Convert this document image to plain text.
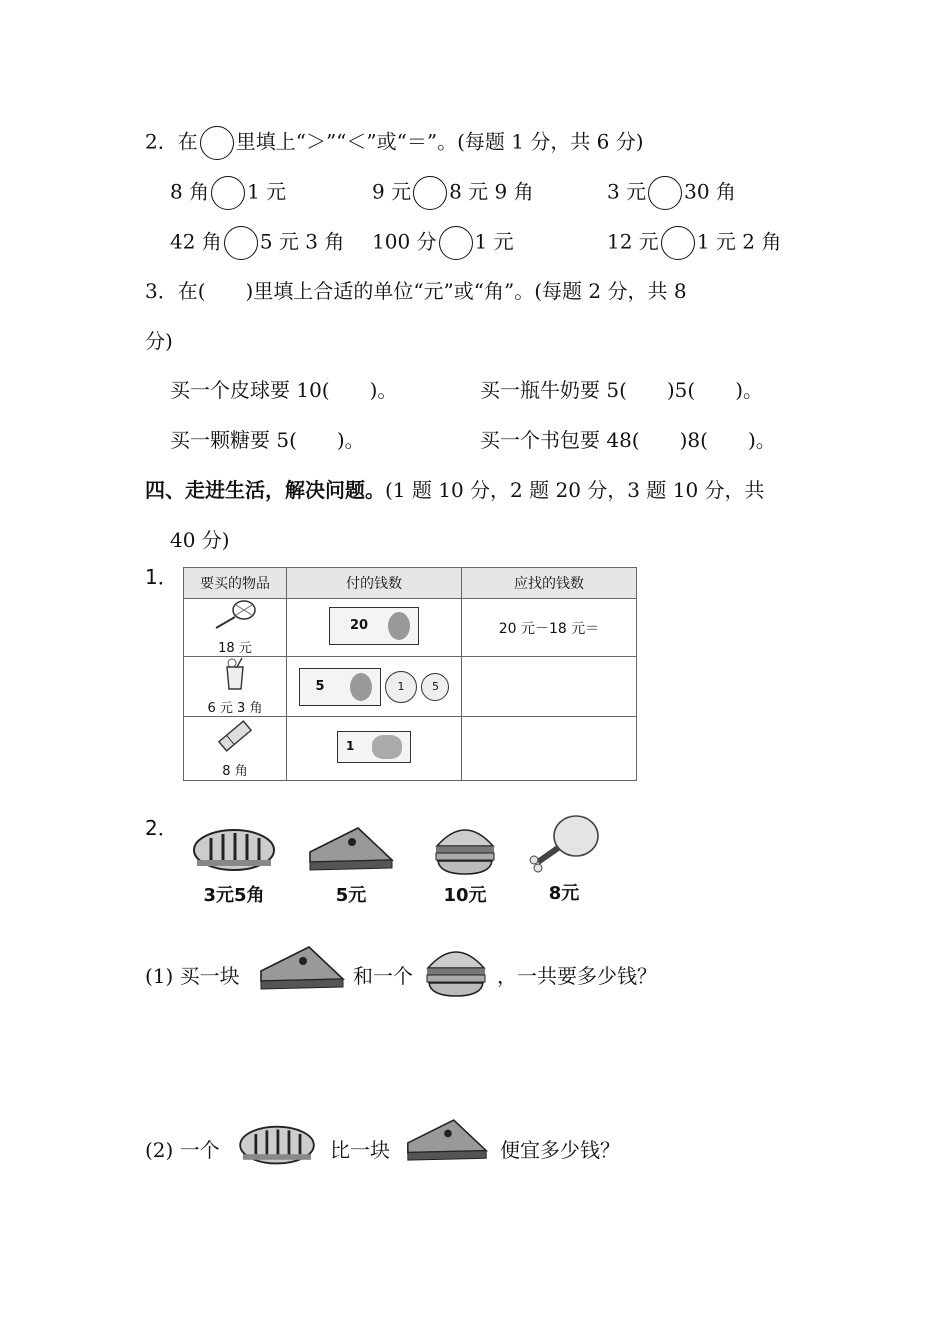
2．在 里填上“＞”“＜”或“＝”。(每题 1 分，共 6 分)
8 角 1 元	9 元 8 元 9 角	3 元 30 角
42 角 5 元 3 角 100 分 1 元	12 元 1 元 2 角
3．在(　　)里填上合适的单位“元”或“角”。(每题 2 分，共 8
分)
买一个皮球要 10(　　)。	买一瓶牛奶要 5(　　)5(　　)。
买一颗糖要 5(　　)。	买一个书包要 48(　　)8(　　)。
四、走进生活，解决问题。(1 题 10 分，2 题 20 分，3 题 10 分，共
40 分)
1． 要买的物品	付的钱数	应找的钱数

18 元	20	20 元－18 元＝

6 元 3 角	5 1 5	

8 角	1	

2．
3元5角	5元	10元	8元
(1) 买一块	和一个	，一共要多少钱？
(2) 一个	比一块	便宜多少钱？
